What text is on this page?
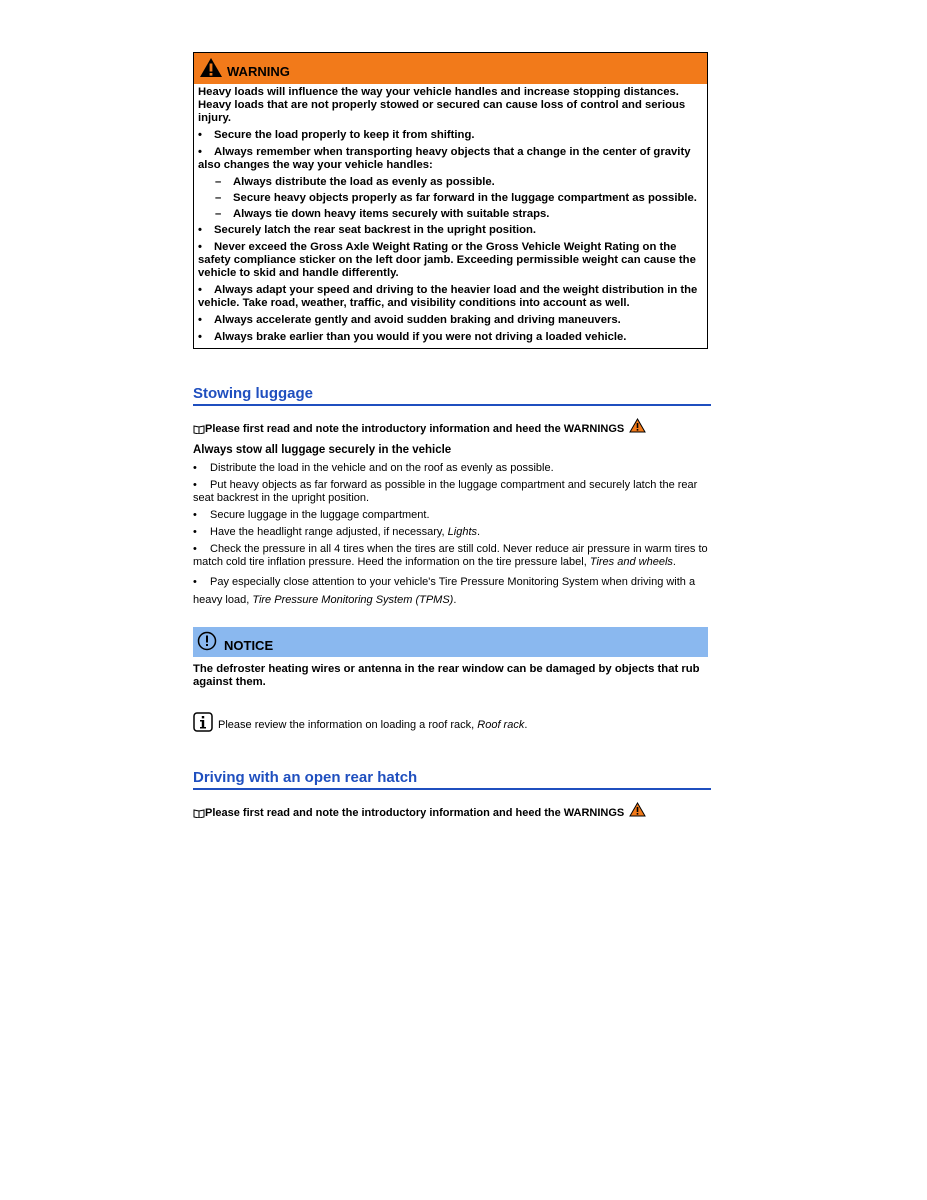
WARNING

Heavy loads will influence the way your vehicle handles and increase stopping distances. Heavy loads that are not properly stowed or secured can cause loss of control and serious injury.

• Secure the load properly to keep it from shifting.
• Always remember when transporting heavy objects that a change in the center of gravity also changes the way your vehicle handles:
– Always distribute the load as evenly as possible.
– Secure heavy objects properly as far forward in the luggage compartment as possible.
– Always tie down heavy items securely with suitable straps.
• Securely latch the rear seat backrest in the upright position.
• Never exceed the Gross Axle Weight Rating or the Gross Vehicle Weight Rating on the safety compliance sticker on the left door jamb. Exceeding permissible weight can cause the vehicle to skid and handle differently.
• Always adapt your speed and driving to the heavier load and the weight distribution in the vehicle. Take road, weather, traffic, and visibility conditions into account as well.
• Always accelerate gently and avoid sudden braking and driving maneuvers.
• Always brake earlier than you would if you were not driving a loaded vehicle.
Stowing luggage
Please first read and note the introductory information and heed the WARNINGS
Always stow all luggage securely in the vehicle
• Distribute the load in the vehicle and on the roof as evenly as possible.
• Put heavy objects as far forward as possible in the luggage compartment and securely latch the rear seat backrest in the upright position.
• Secure luggage in the luggage compartment.
• Have the headlight range adjusted, if necessary, Lights.
• Check the pressure in all 4 tires when the tires are still cold. Never reduce air pressure in warm tires to match cold tire inflation pressure. Heed the information on the tire pressure label, Tires and wheels.
• Pay especially close attention to your vehicle's Tire Pressure Monitoring System when driving with a heavy load, Tire Pressure Monitoring System (TPMS).
NOTICE
The defroster heating wires or antenna in the rear window can be damaged by objects that rub against them.
Please review the information on loading a roof rack, Roof rack.
Driving with an open rear hatch
Please first read and note the introductory information and heed the WARNINGS
